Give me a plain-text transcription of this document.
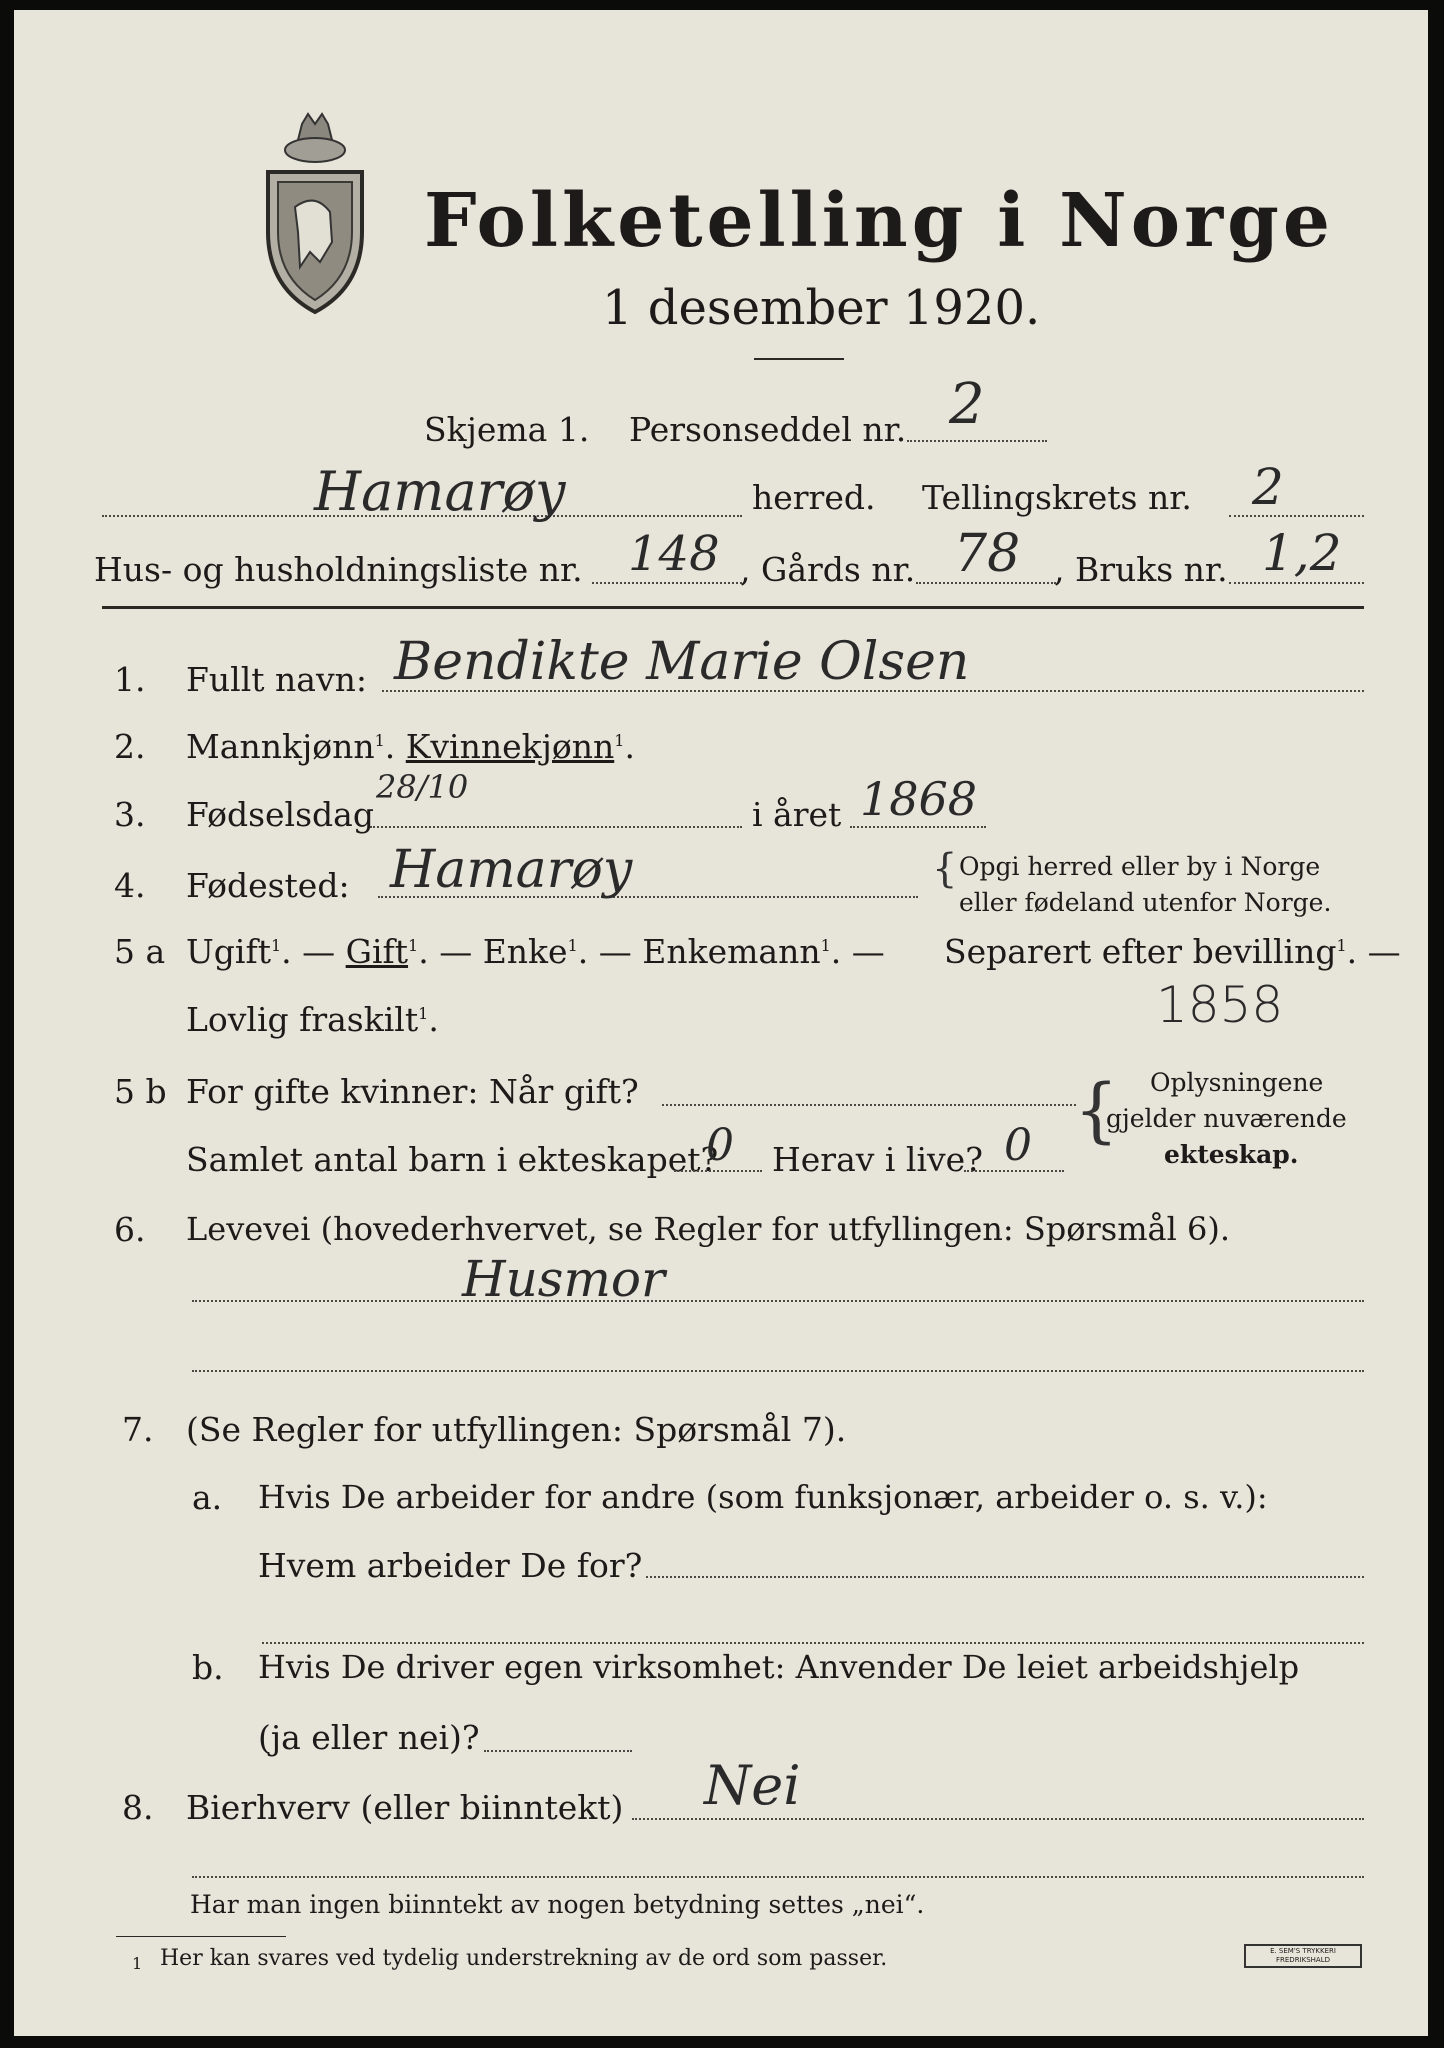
Folketelling i Norge
1 desember 1920.
Skjema 1. Personseddel nr. 2
Hamarøy	herred. Tellingskrets nr. 2
Hus- og husholdningsliste nr. 148 , Gårds nr. 78 , Bruks nr. 1,2
1. Fullt navn: Bendikte Marie Olsen
2. Mannkjønn$^1$. Kvinnekjønn$^1$.
3. Fødselsdag
28/10
i året 1868
4. Fødested: Hamarøy	{ Opgi herred eller by i Norge
eller fødeland utenfor Norge.
5 a Ugift$^1$. — Gift$^1$. — Enke$^1$. — Enkemann$^1$. — Separert efter bevilling$^1$. —
Lovlig fraskilt$^1$.	1858
5 b For gifte kvinner: Når gift?
Samlet antal barn i ekteskapet?
0 Herav i live? 0 { Oplysningene
gjelder nuværende
ekteskap.
6. Levevei (hovederhvervet, se Regler for utfyllingen: Spørsmål 6).
Husmor
7. (Se Regler for utfyllingen: Spørsmål 7).
a. Hvis De arbeider for andre (som funksjonær, arbeider o. s. v.):
Hvem arbeider De for?
b. Hvis De driver egen virksomhet: Anvender De leiet arbeidshjelp
(ja eller nei)?
8. Bierhverv (eller biinntekt) Nei
Har man ingen biinntekt av nogen betydning settes „nei“.
1 Her kan svares ved tydelig understrekning av de ord som passer.	E. SEM'S TRYKKERI FREDRIKSHALD
